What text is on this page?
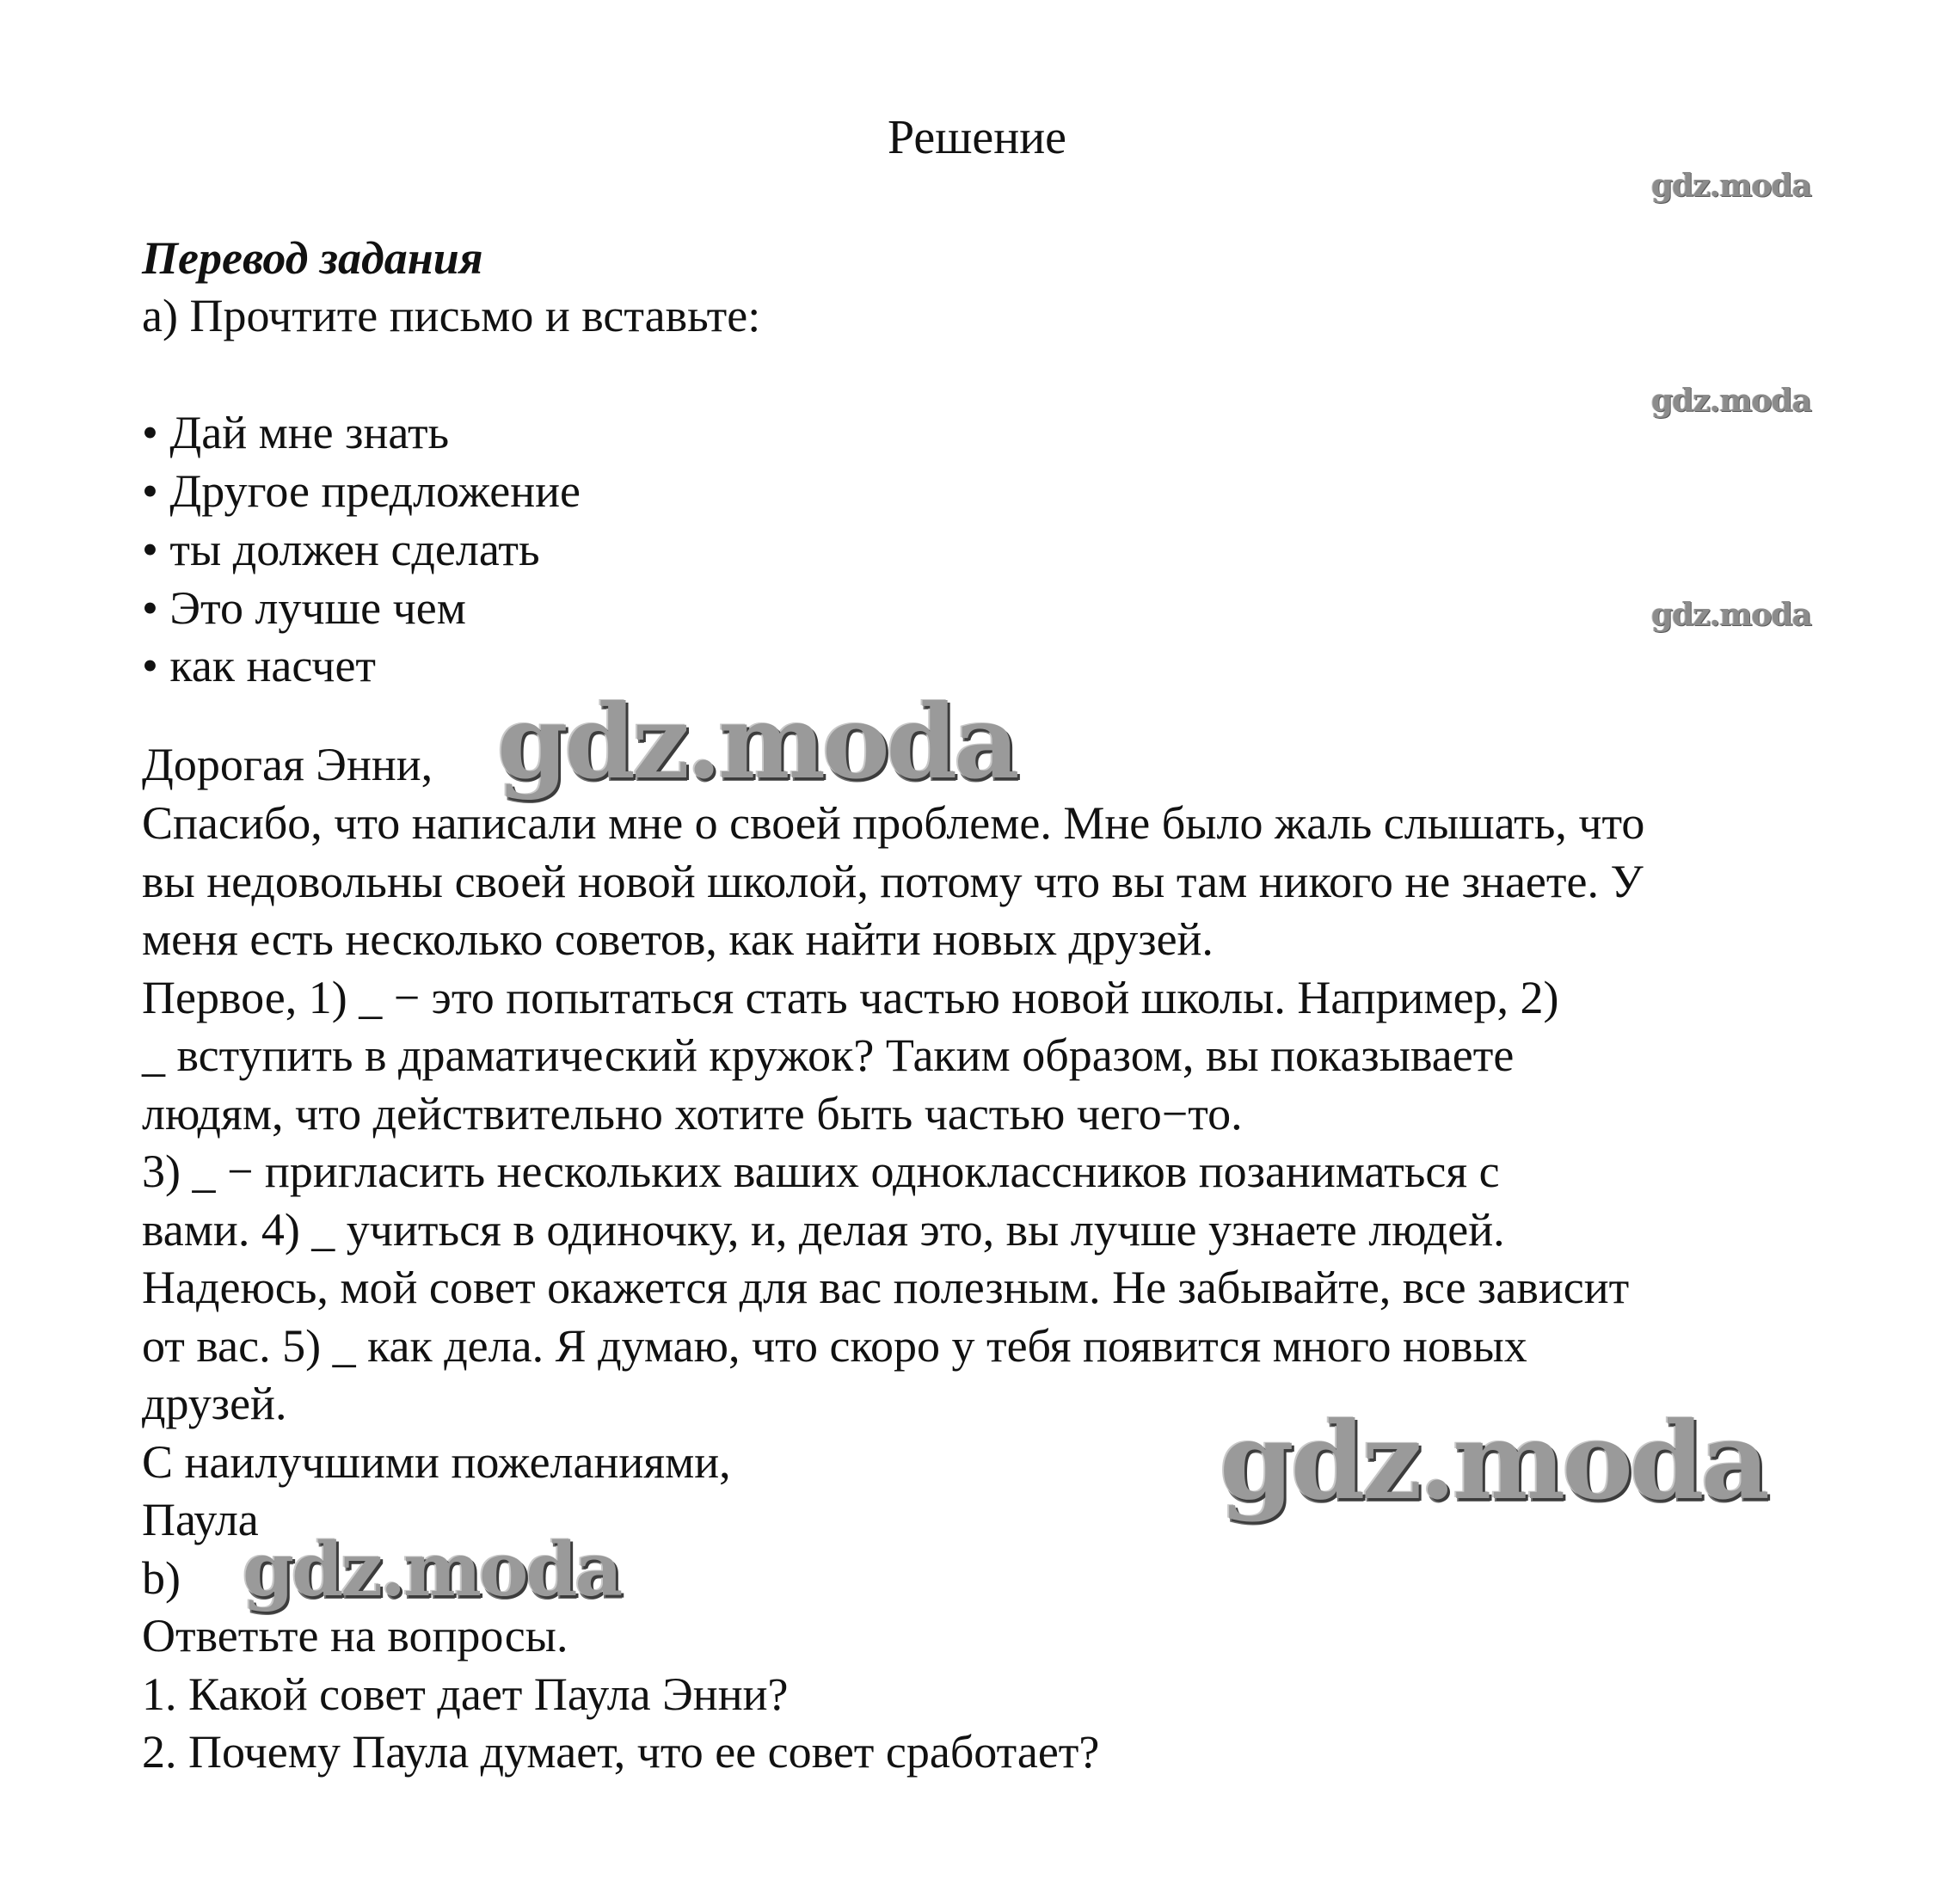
Решение
gdz.moda
gdz.moda
gdz.moda
Перевод задания
a) Прочтите письмо и вставьте:
• Дай мне знать
• Другое предложение
• ты должен сделать
• Это лучше чем
• как насчет
Дорогая Энни, gdz.moda
Спасибо, что написали мне о своей проблеме. Мне было жаль слышать, что
вы недовольны своей новой школой, потому что вы там никого не знаете. У
меня есть несколько советов, как найти новых друзей.
Первое, 1) _ − это попытаться стать частью новой школы. Например, 2)
_ вступить в драматический кружок? Таким образом, вы показываете
людям, что действительно хотите быть частью чего−то.
3) _ − пригласить нескольких ваших одноклассников позаниматься с
вами. 4) _ учиться в одиночку, и, делая это, вы лучше узнаете людей.
Надеюсь, мой совет окажется для вас полезным. Не забывайте, все зависит
от вас. 5) _ как дела. Я думаю, что скоро у тебя появится много новых
друзей.
С наилучшими пожеланиями,	gdz.moda
Паула
b) gdz.moda
Ответьте на вопросы.
1. Какой совет дает Паула Энни?
2. Почему Паула думает, что ее совет сработает?
